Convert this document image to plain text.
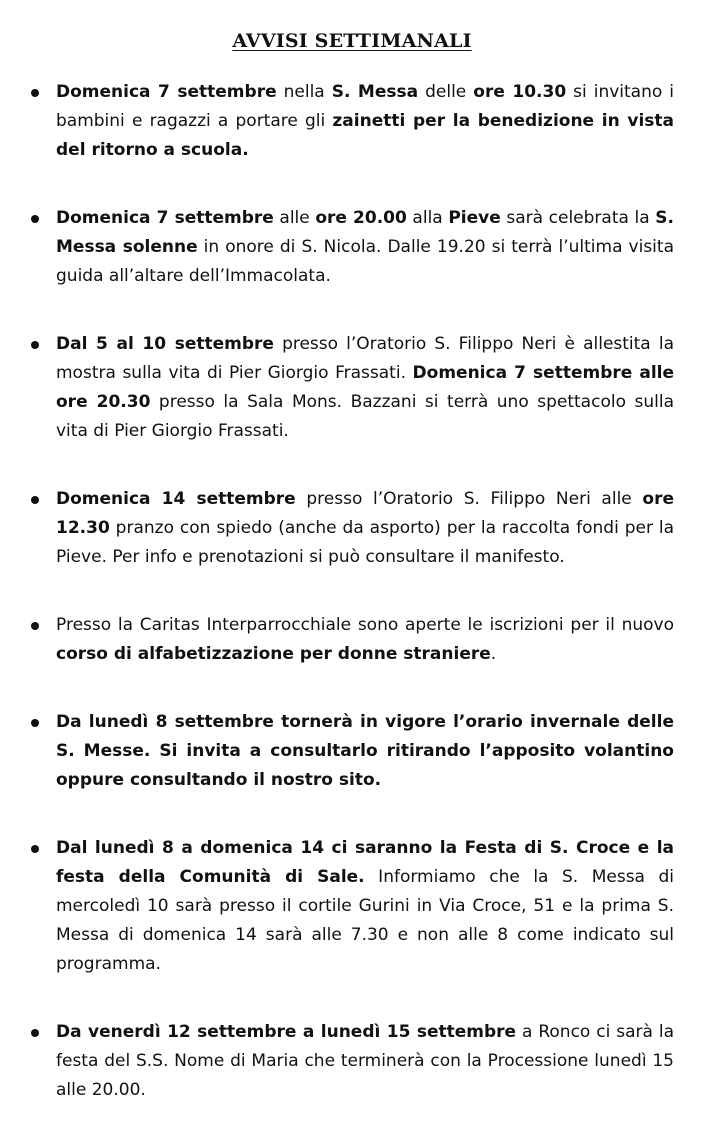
AVVISI SETTIMANALI
Domenica 7 settembre nella S. Messa delle ore 10.30 si invitano i bambini e ragazzi a portare gli zainetti per la benedizione in vista del ritorno a scuola.
Domenica 7 settembre alle ore 20.00 alla Pieve sarà celebrata la S. Messa solenne in onore di S. Nicola. Dalle 19.20 si terrà l’ultima visita guida all’altare dell’Immacolata.
Dal 5 al 10 settembre presso l’Oratorio S. Filippo Neri è allestita la mostra sulla vita di Pier Giorgio Frassati. Domenica 7 settembre alle ore 20.30 presso la Sala Mons. Bazzani si terrà uno spettacolo sulla vita di Pier Giorgio Frassati.
Domenica 14 settembre presso l’Oratorio S. Filippo Neri alle ore 12.30 pranzo con spiedo (anche da asporto) per la raccolta fondi per la Pieve. Per info e prenotazioni si può consultare il manifesto.
Presso la Caritas Interparrocchiale sono aperte le iscrizioni per il nuovo corso di alfabetizzazione per donne straniere.
Da lunedì 8 settembre tornerà in vigore l’orario invernale delle S. Messe. Si invita a consultarlo ritirando l’apposito volantino oppure consultando il nostro sito.
Dal lunedì 8 a domenica 14 ci saranno la Festa di S. Croce e la festa della Comunità di Sale. Informiamo che la S. Messa di mercoledì 10 sarà presso il cortile Gurini in Via Croce, 51 e la prima S. Messa di domenica 14 sarà alle 7.30 e non alle 8 come indicato sul programma.
Da venerdì 12 settembre a lunedì 15 settembre a Ronco ci sarà la festa del S.S. Nome di Maria che terminerà con la Processione lunedì 15 alle 20.00.
